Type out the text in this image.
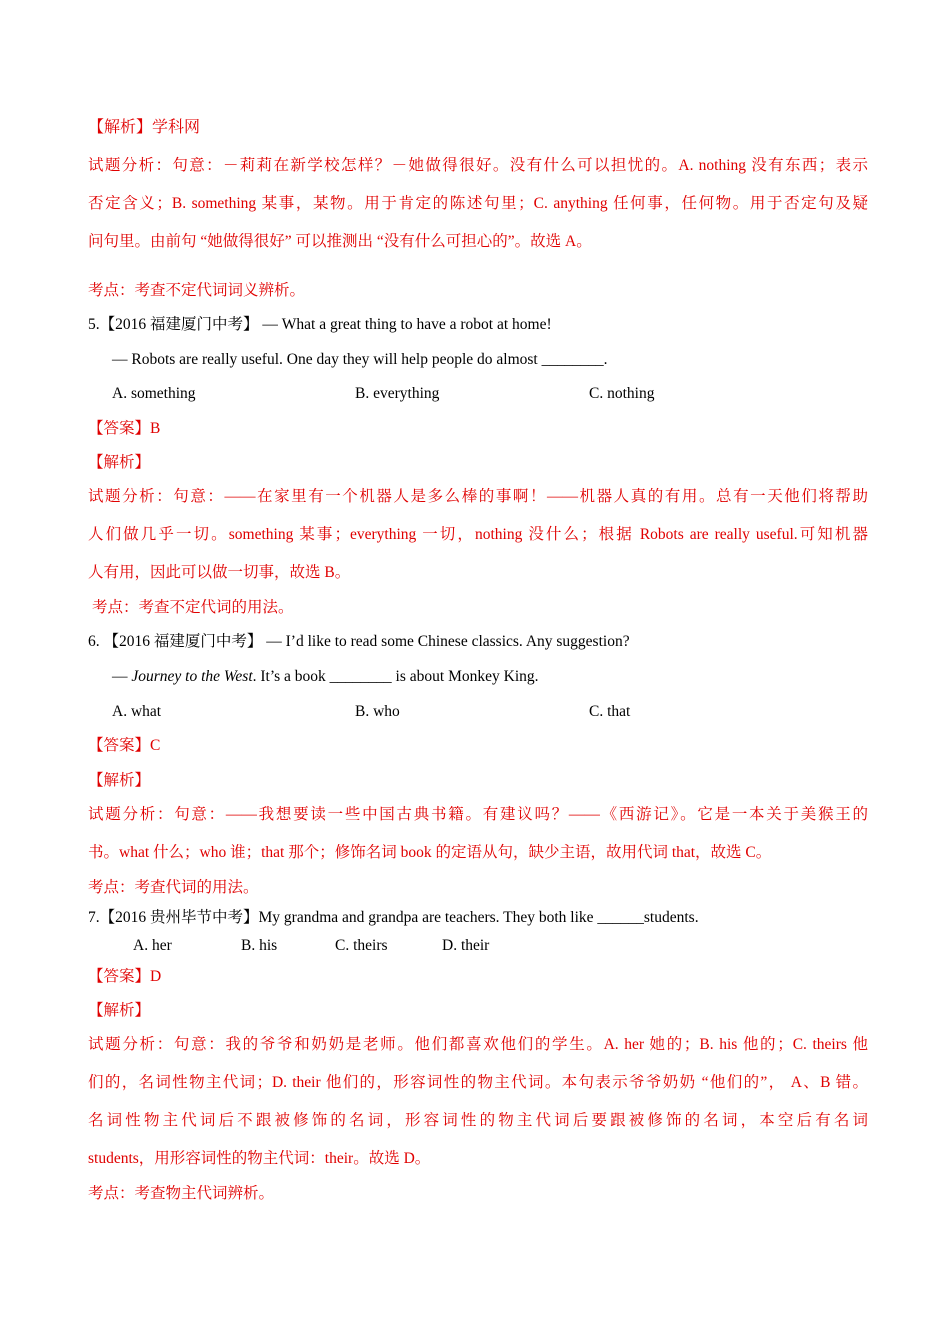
【解析】学科网
试题分析：句意：－莉莉在新学校怎样？－她做得很好。没有什么可以担忧的。A. nothing 没有东西；表示
否定含义；B. something 某事，某物。用于肯定的陈述句里；C. anything 任何事，任何物。用于否定句及疑
问句里。由前句 “她做得很好” 可以推测出 “没有什么可担心的”。故选 A。
考点：考查不定代词词义辨析。
5.【2016 福建厦门中考】 — What a great thing to have a robot at home!
— Robots are really useful. One day they will help people do almost ________.
A. something	B. everything	C. nothing
【答案】B
【解析】
试题分析：句意：——在家里有一个机器人是多么棒的事啊！——机器人真的有用。总有一天他们将帮助
人们做几乎一切。something 某事；everything 一切，nothing 没什么；根据 Robots are really useful.可知机器
人有用，因此可以做一切事，故选 B。
考点：考查不定代词的用法。
6. 【2016 福建厦门中考】 — I’d like to read some Chinese classics. Any suggestion?
— Journey to the West. It’s a book ________ is about Monkey King.
A. what	B. who	C. that
【答案】C
【解析】
试题分析：句意：——我想要读一些中国古典书籍。有建议吗？——《西游记》。它是一本关于美猴王的
书。what 什么；who 谁；that 那个；修饰名词 book 的定语从句，缺少主语，故用代词 that，故选 C。
考点：考查代词的用法。
7.【2016 贵州毕节中考】My grandma and grandpa are teachers. They both like ______students.
A. her	B. his	C. theirs	D. their
【答案】D
【解析】
试题分析：句意：我的爷爷和奶奶是老师。他们都喜欢他们的学生。A. her 她的；B. his 他的；C. theirs 他
们的，名词性物主代词；D. their 他们的，形容词性的物主代词。本句表示爷爷奶奶 “他们的”， A、B 错。
名词性物主代词后不跟被修饰的名词，形容词性的物主代词后要跟被修饰的名词，本空后有名词
students，用形容词性的物主代词：their。故选 D。
考点：考查物主代词辨析。
